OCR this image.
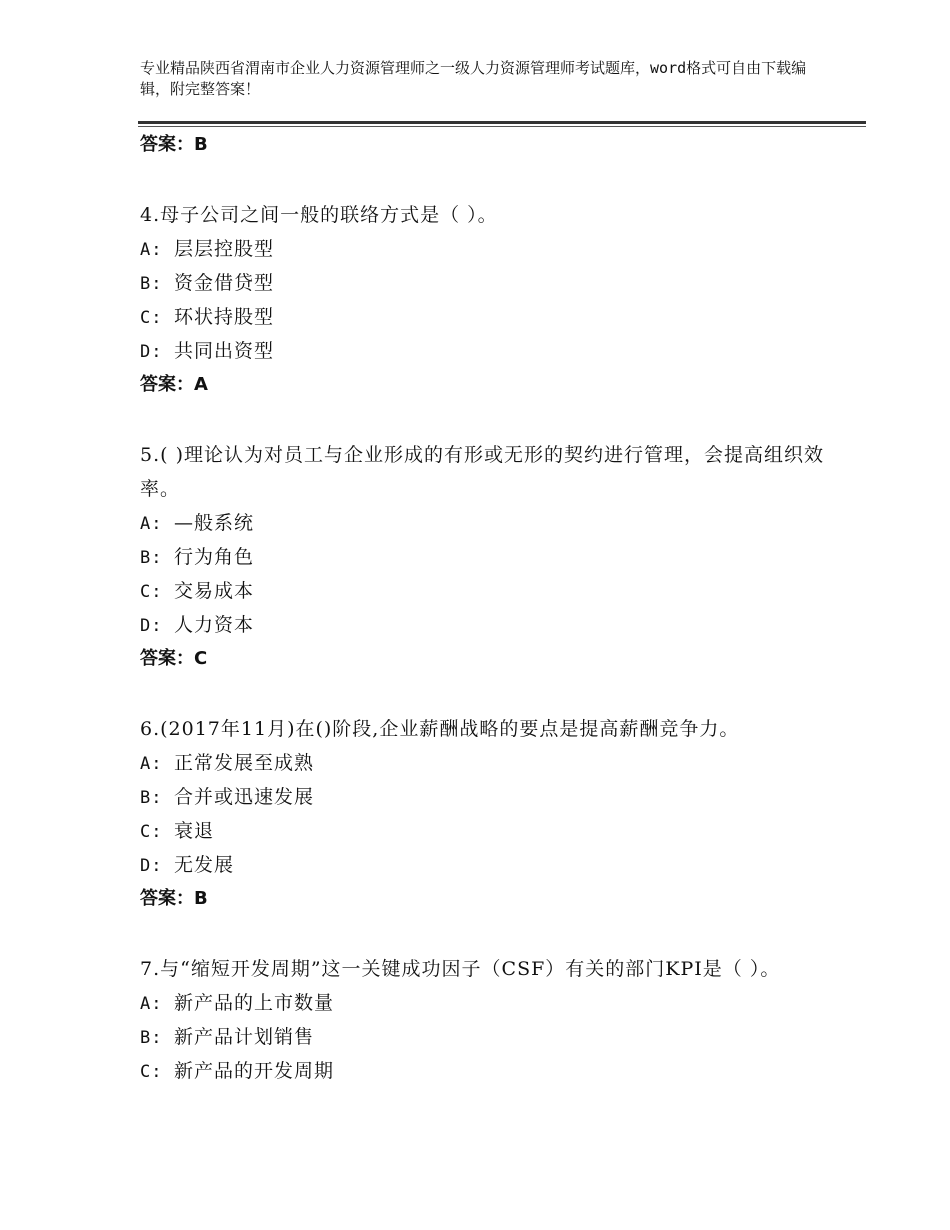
专业精品陕西省渭南市企业人力资源管理师之一级人力资源管理师考试题库，word格式可自由下载编辑，附完整答案！
答案：B
4.母子公司之间一般的联络方式是（ ）。
A: 层层控股型
B: 资金借贷型
C: 环状持股型
D: 共同出资型
答案：A
5.( )理论认为对员工与企业形成的有形或无形的契约进行管理，会提高组织效率。
A: —般系统
B: 行为角色
C: 交易成本
D: 人力资本
答案：C
6.(2017年11月)在()阶段,企业薪酬战略的要点是提高薪酬竞争力。
A: 正常发展至成熟
B: 合并或迅速发展
C: 衰退
D: 无发展
答案：B
7.与“缩短开发周期”这一关键成功因子（CSF）有关的部门KPI是（ ）。
A: 新产品的上市数量
B: 新产品计划销售
C: 新产品的开发周期
